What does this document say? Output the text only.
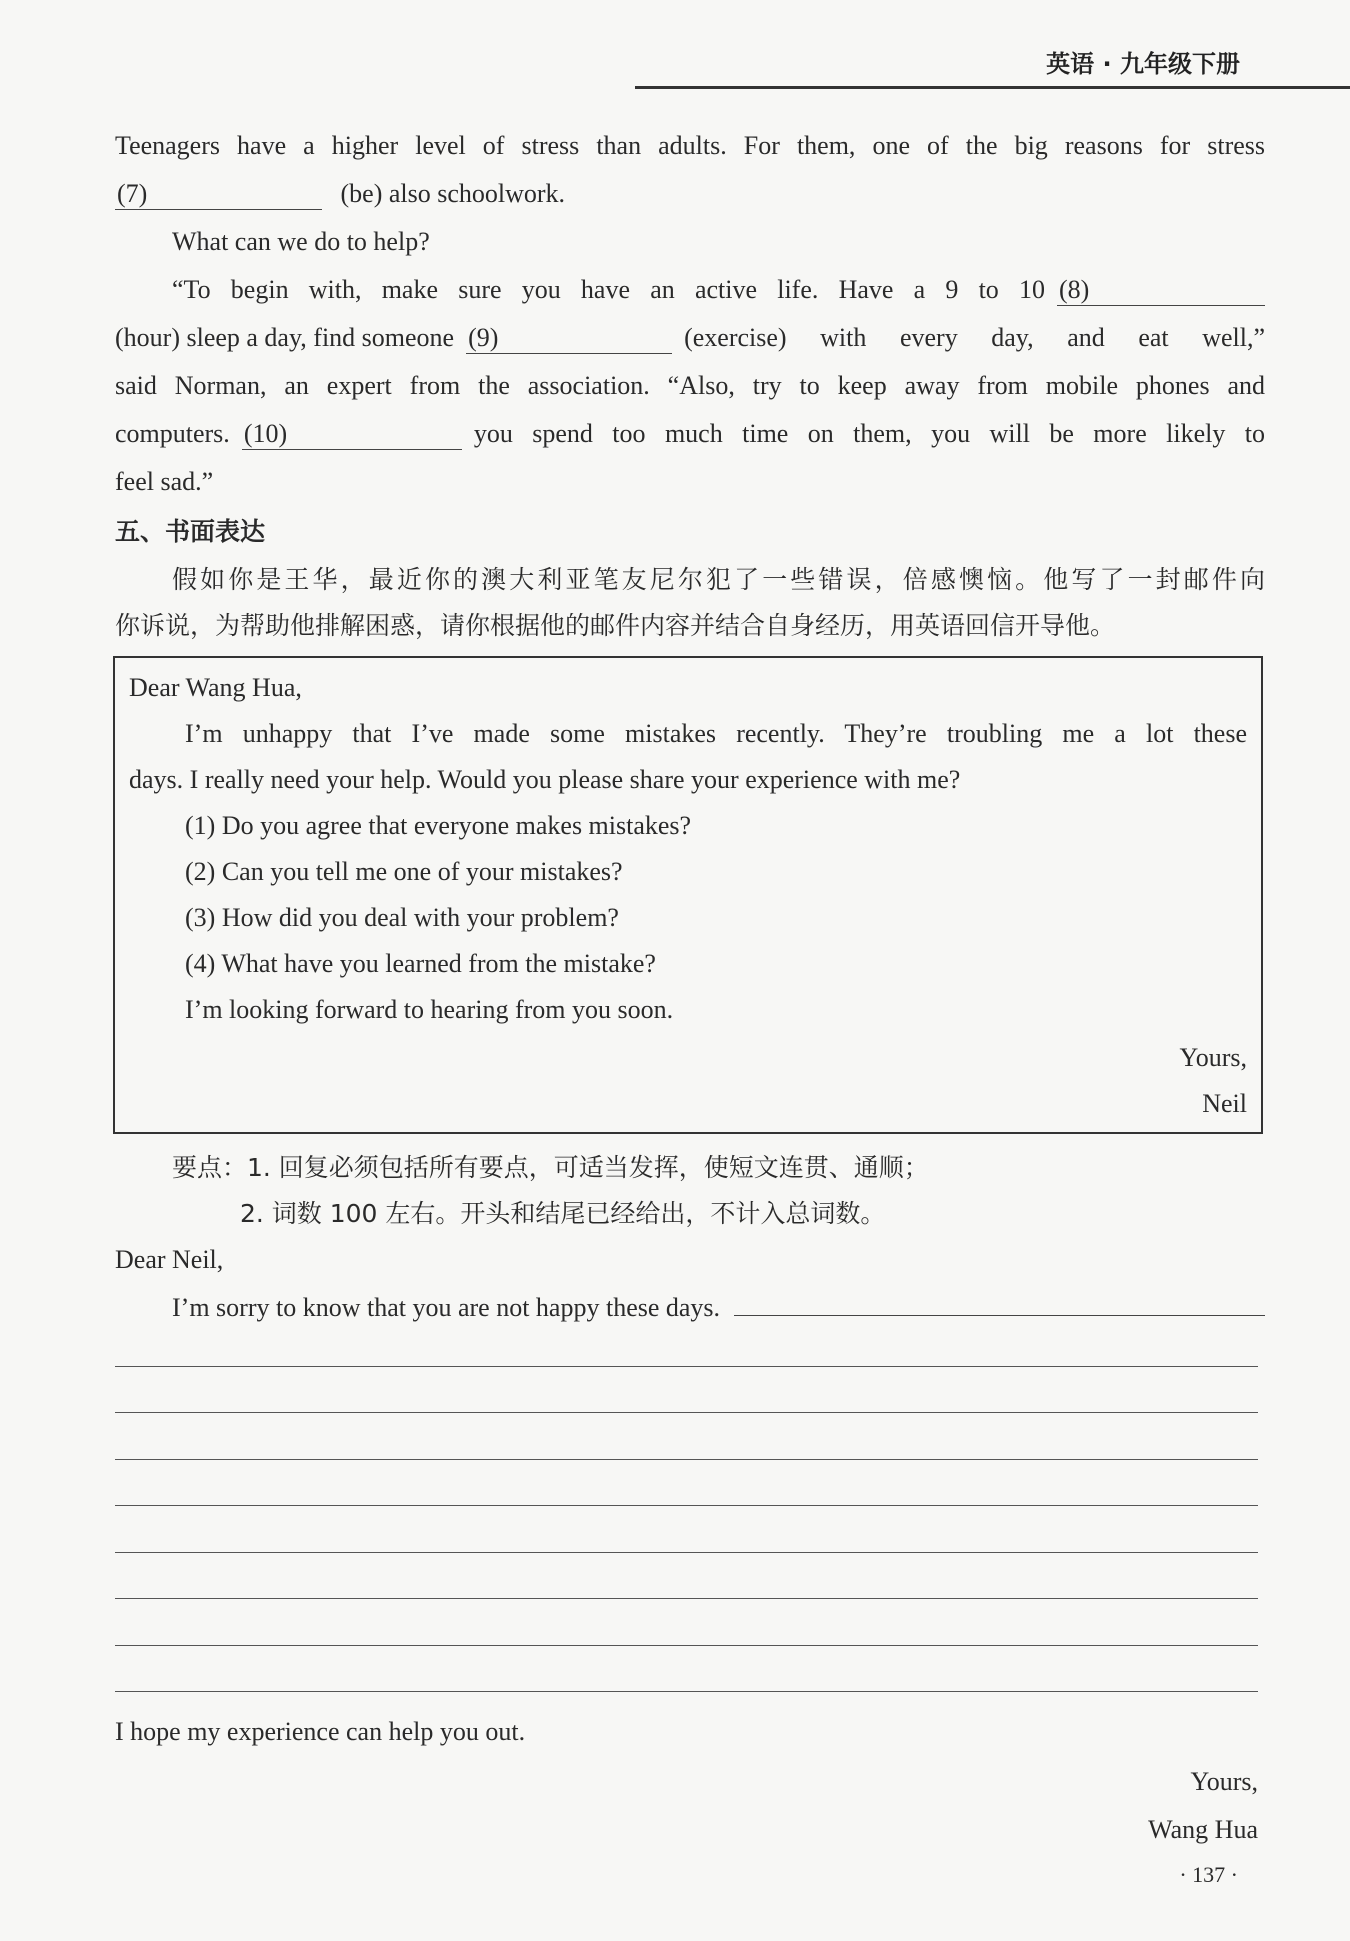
英语 · 九年级下册
Teenagers have a higher level of stress than adults. For them, one of the big reasons for stress
(7)	(be) also schoolwork.
What can we do to help?
“To begin with, make sure you have an active life. Have a 9 to 10 (8)
(hour) sleep a day, find someone (9)	(exercise) with every day, and eat well,”
said Norman, an expert from the association. “Also, try to keep away from mobile phones and
computers. (10)	you spend too much time on them, you will be more likely to
feel sad.”
五、书面表达
假如你是王华，最近你的澳大利亚笔友尼尔犯了一些错误，倍感懊恼。他写了一封邮件向
你诉说，为帮助他排解困惑，请你根据他的邮件内容并结合自身经历，用英语回信开导他。
Dear Wang Hua,
I’m unhappy that I’ve made some mistakes recently. They’re troubling me a lot these
days. I really need your help. Would you please share your experience with me?
(1) Do you agree that everyone makes mistakes?
(2) Can you tell me one of your mistakes?
(3) How did you deal with your problem?
(4) What have you learned from the mistake?
I’m looking forward to hearing from you soon.
Yours,
Neil
要点：1. 回复必须包括所有要点，可适当发挥，使短文连贯、通顺；
2. 词数 100 左右。开头和结尾已经给出，不计入总词数。
Dear Neil,
I’m sorry to know that you are not happy these days.
I hope my experience can help you out.
Yours,
Wang Hua
· 137 ·
